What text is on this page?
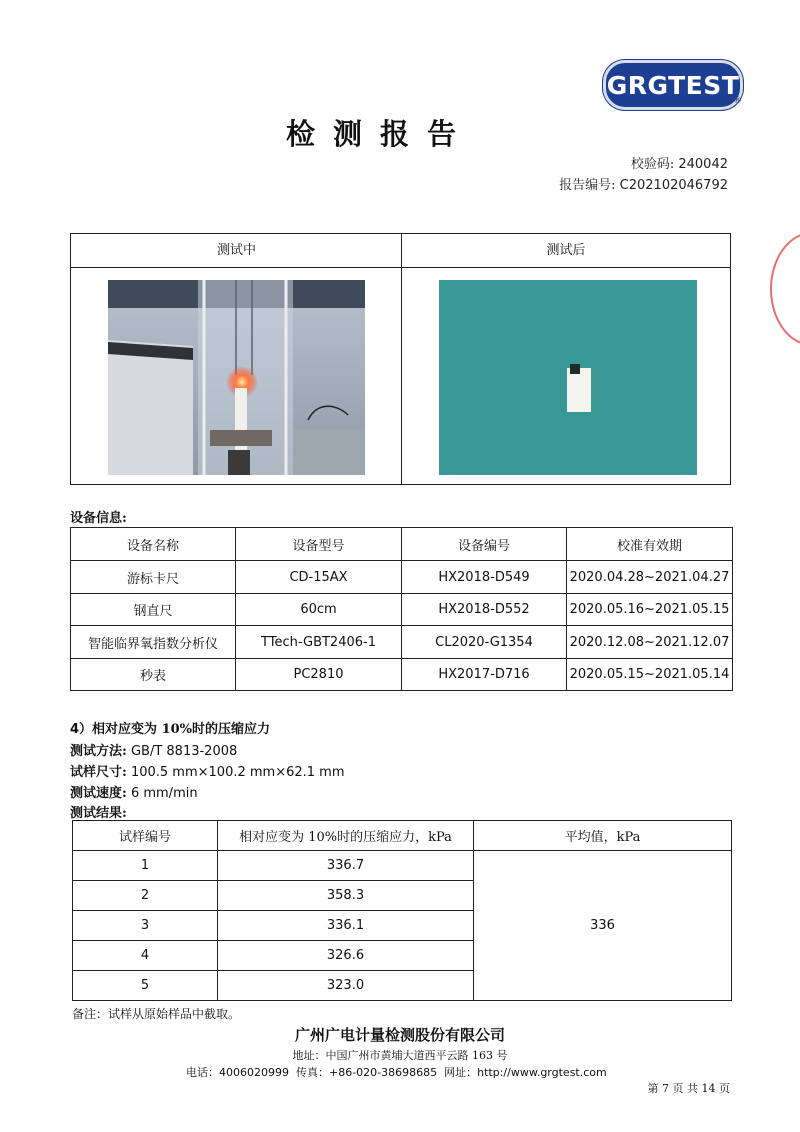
GRGTEST
®
检测报告
校验码: 240042
报告编号: C202102046792
测试中	测试后
设备信息:
设备名称	设备型号	设备编号	校准有效期
游标卡尺	CD-15AX	HX2018-D549	2020.04.28~2021.04.27
钢直尺	60cm	HX2018-D552	2020.05.16~2021.05.15
智能临界氧指数分析仪	TTech-GBT2406-1	CL2020-G1354	2020.12.08~2021.12.07
秒表	PC2810	HX2017-D716	2020.05.15~2021.05.14
4）相对应变为 10%时的压缩应力
测试方法: GB/T 8813-2008
试样尺寸: 100.5 mm×100.2 mm×62.1 mm
测试速度: 6 mm/min
测试结果:
试样编号	相对应变为 10%时的压缩应力，kPa	平均值，kPa
1	336.7	336
2	358.3	
3	336.1	
4	326.6	
5	323.0	
备注：试样从原始样品中截取。
广州广电计量检测股份有限公司
地址：中国广州市黄埔大道西平云路 163 号
电话：4006020999 传真：+86-020-38698685 网址：http://www.grgtest.com
第 7 页 共 14 页
